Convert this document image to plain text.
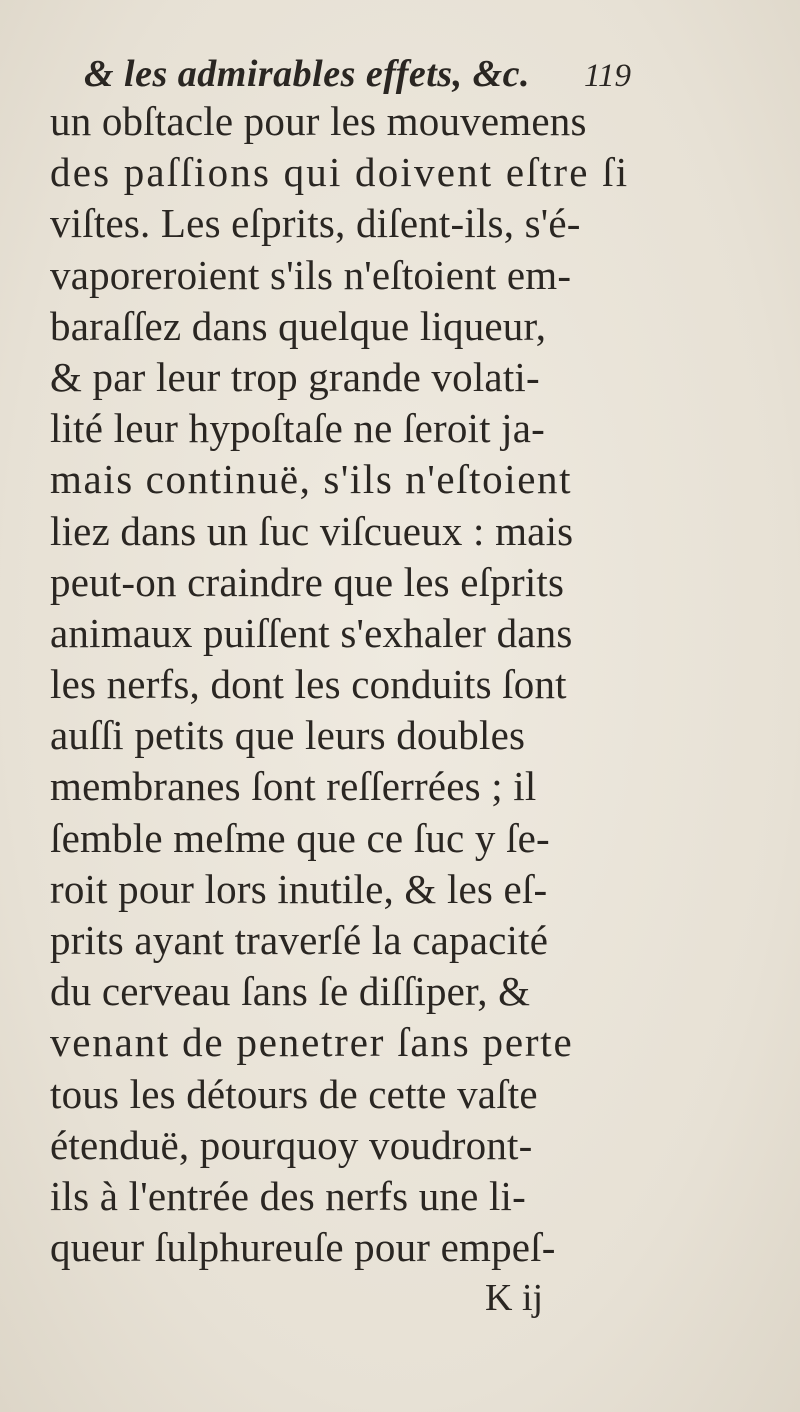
& les admirables effets, &c. 119
un obſtacle pour les mouvemens
des paſſions qui doivent eſtre ſi
viſtes. Les eſprits, diſent-ils, s'é-
vaporeroient s'ils n'eſtoient em-
baraſſez dans quelque liqueur,
& par leur trop grande volati-
lité leur hypoſtaſe ne ſeroit ja-
mais continuë, s'ils n'eſtoient
liez dans un ſuc viſcueux : mais
peut-on craindre que les eſprits
animaux puiſſent s'exhaler dans
les nerfs, dont les conduits ſont
auſſi petits que leurs doubles
membranes ſont reſſerrées ; il
ſemble meſme que ce ſuc y ſe-
roit pour lors inutile, & les eſ-
prits ayant traverſé la capacité
du cerveau ſans ſe diſſiper, &
venant de penetrer ſans perte
tous les détours de cette vaſte
étenduë, pourquoy voudront-
ils à l'entrée des nerfs une li-
queur ſulphureuſe pour empeſ-
K ij
